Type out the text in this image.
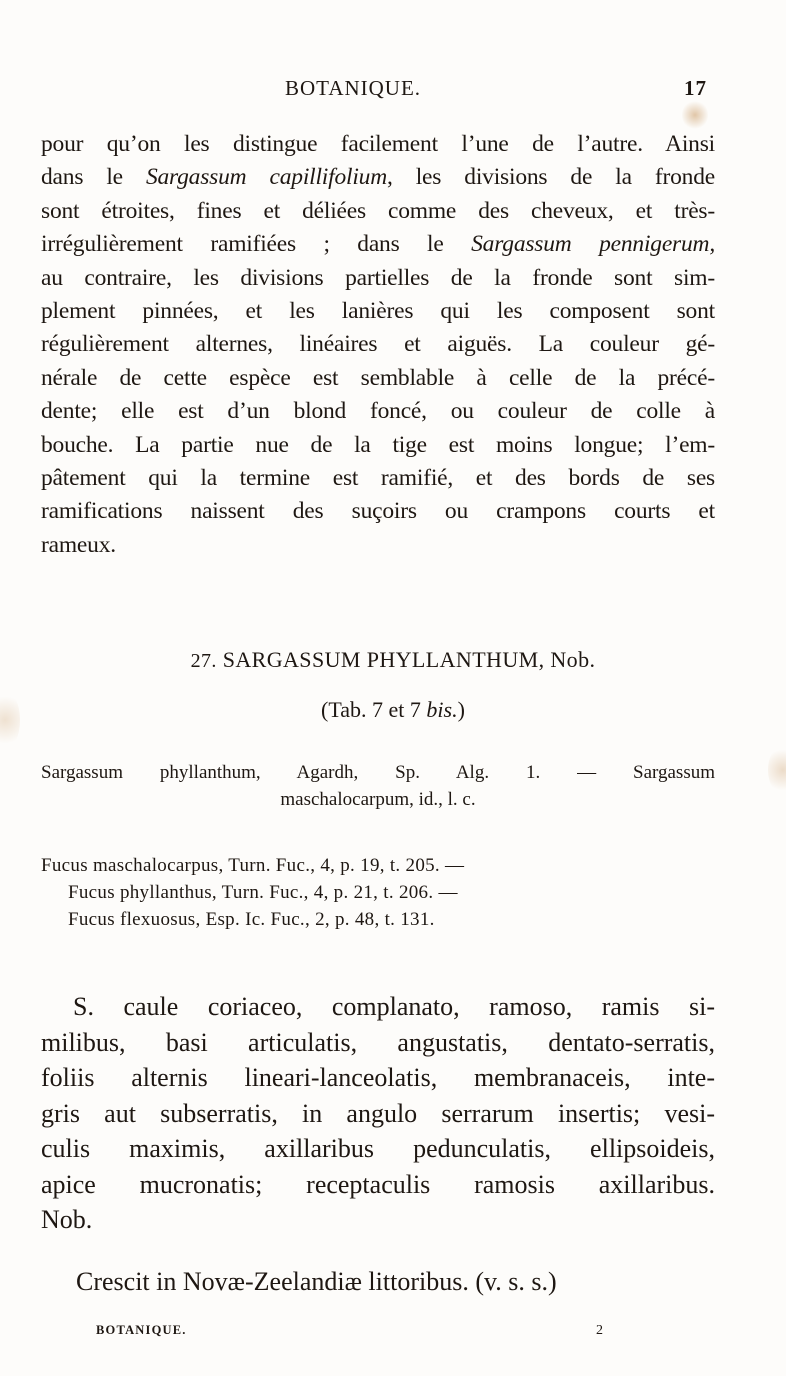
BOTANIQUE.	17
pour qu’on les distingue facilement l’une de l’autre. Ainsi
dans le Sargassum capillifolium, les divisions de la fronde
sont étroites, fines et déliées comme des cheveux, et très-
irrégulièrement ramifiées ; dans le Sargassum pennigerum,
au contraire, les divisions partielles de la fronde sont sim-
plement pinnées, et les lanières qui les composent sont
régulièrement alternes, linéaires et aiguës. La couleur gé-
nérale de cette espèce est semblable à celle de la précé-
dente; elle est d’un blond foncé, ou couleur de colle à
bouche. La partie nue de la tige est moins longue; l’em-
pâtement qui la termine est ramifié, et des bords de ses
ramifications naissent des suçoirs ou crampons courts et
rameux.
27. SARGASSUM PHYLLANTHUM, Nob.
(Tab. 7 et 7 bis.)
Sargassum phyllanthum, Agardh, Sp. Alg. 1. — Sargassum
maschalocarpum, id., l. c.
Fucus maschalocarpus, Turn. Fuc., 4, p. 19, t. 205. —
Fucus phyllanthus, Turn. Fuc., 4, p. 21, t. 206. —
Fucus flexuosus, Esp. Ic. Fuc., 2, p. 48, t. 131.
S. caule coriaceo, complanato, ramoso, ramis si-
milibus, basi articulatis, angustatis, dentato-serratis,
foliis alternis lineari-lanceolatis, membranaceis, inte-
gris aut subserratis, in angulo serrarum insertis; vesi-
culis maximis, axillaribus pedunculatis, ellipsoideis,
apice mucronatis; receptaculis ramosis axillaribus.
Nob.
Crescit in Novæ-Zeelandiæ littoribus. (v. s. s.)
BOTANIQUE.	2
